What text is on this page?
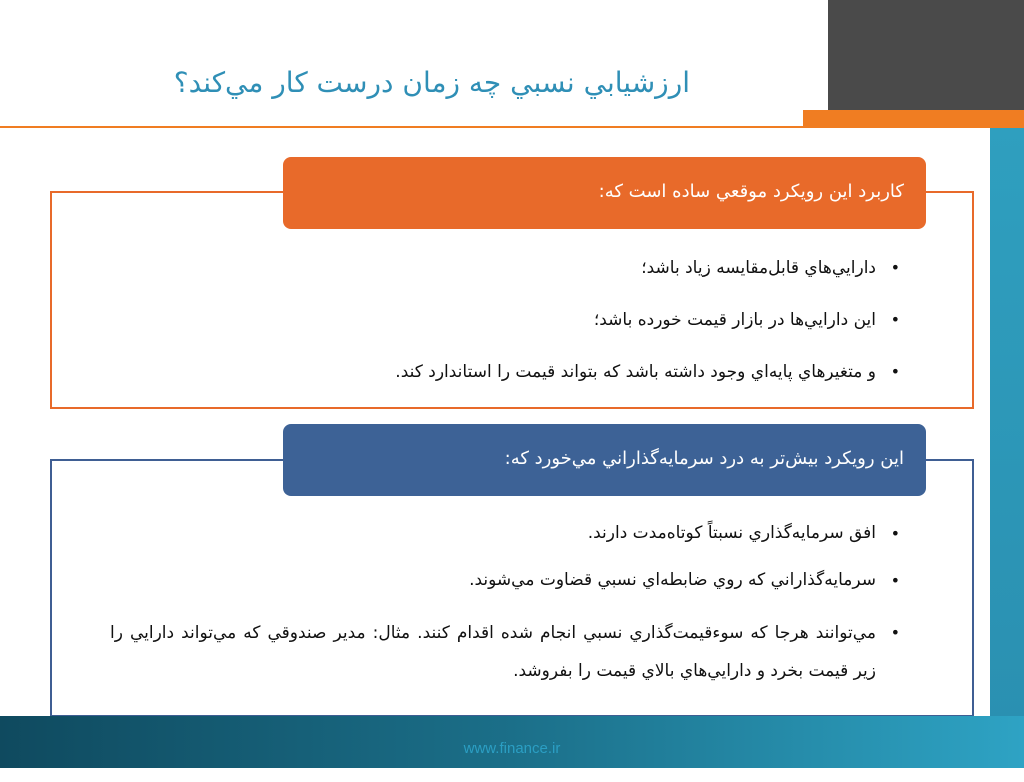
ارزشيابي نسبي چه زمان درست كار مي‌كند؟
كاربرد اين رويكرد موقعي ساده است كه:
•
دارايي‌هاي قابل‌مقايسه زياد باشد؛
•
اين دارايي‌ها در بازار قيمت خورده باشد؛
•
و متغيرهاي پايه‌اي وجود داشته باشد كه بتواند قيمت را استاندارد كند.
اين رويكرد بيش‌تر به درد سرمايه‌گذاراني مي‌خورد كه:
•
افق سرمايه‌گذاري نسبتاً كوتاه‌مدت دارند.
•
سرمايه‌گذاراني كه روي ضابطه‌اي نسبي قضاوت مي‌شوند.
•
مي‌توانند هرجا كه سوءقيمت‌گذاري نسبي انجام شده اقدام كنند. مثال: مدير صندوقي كه مي‌تواند دارايي را زير قيمت بخرد و دارايي‌هاي بالاي قيمت را بفروشد.
www.finance.ir
